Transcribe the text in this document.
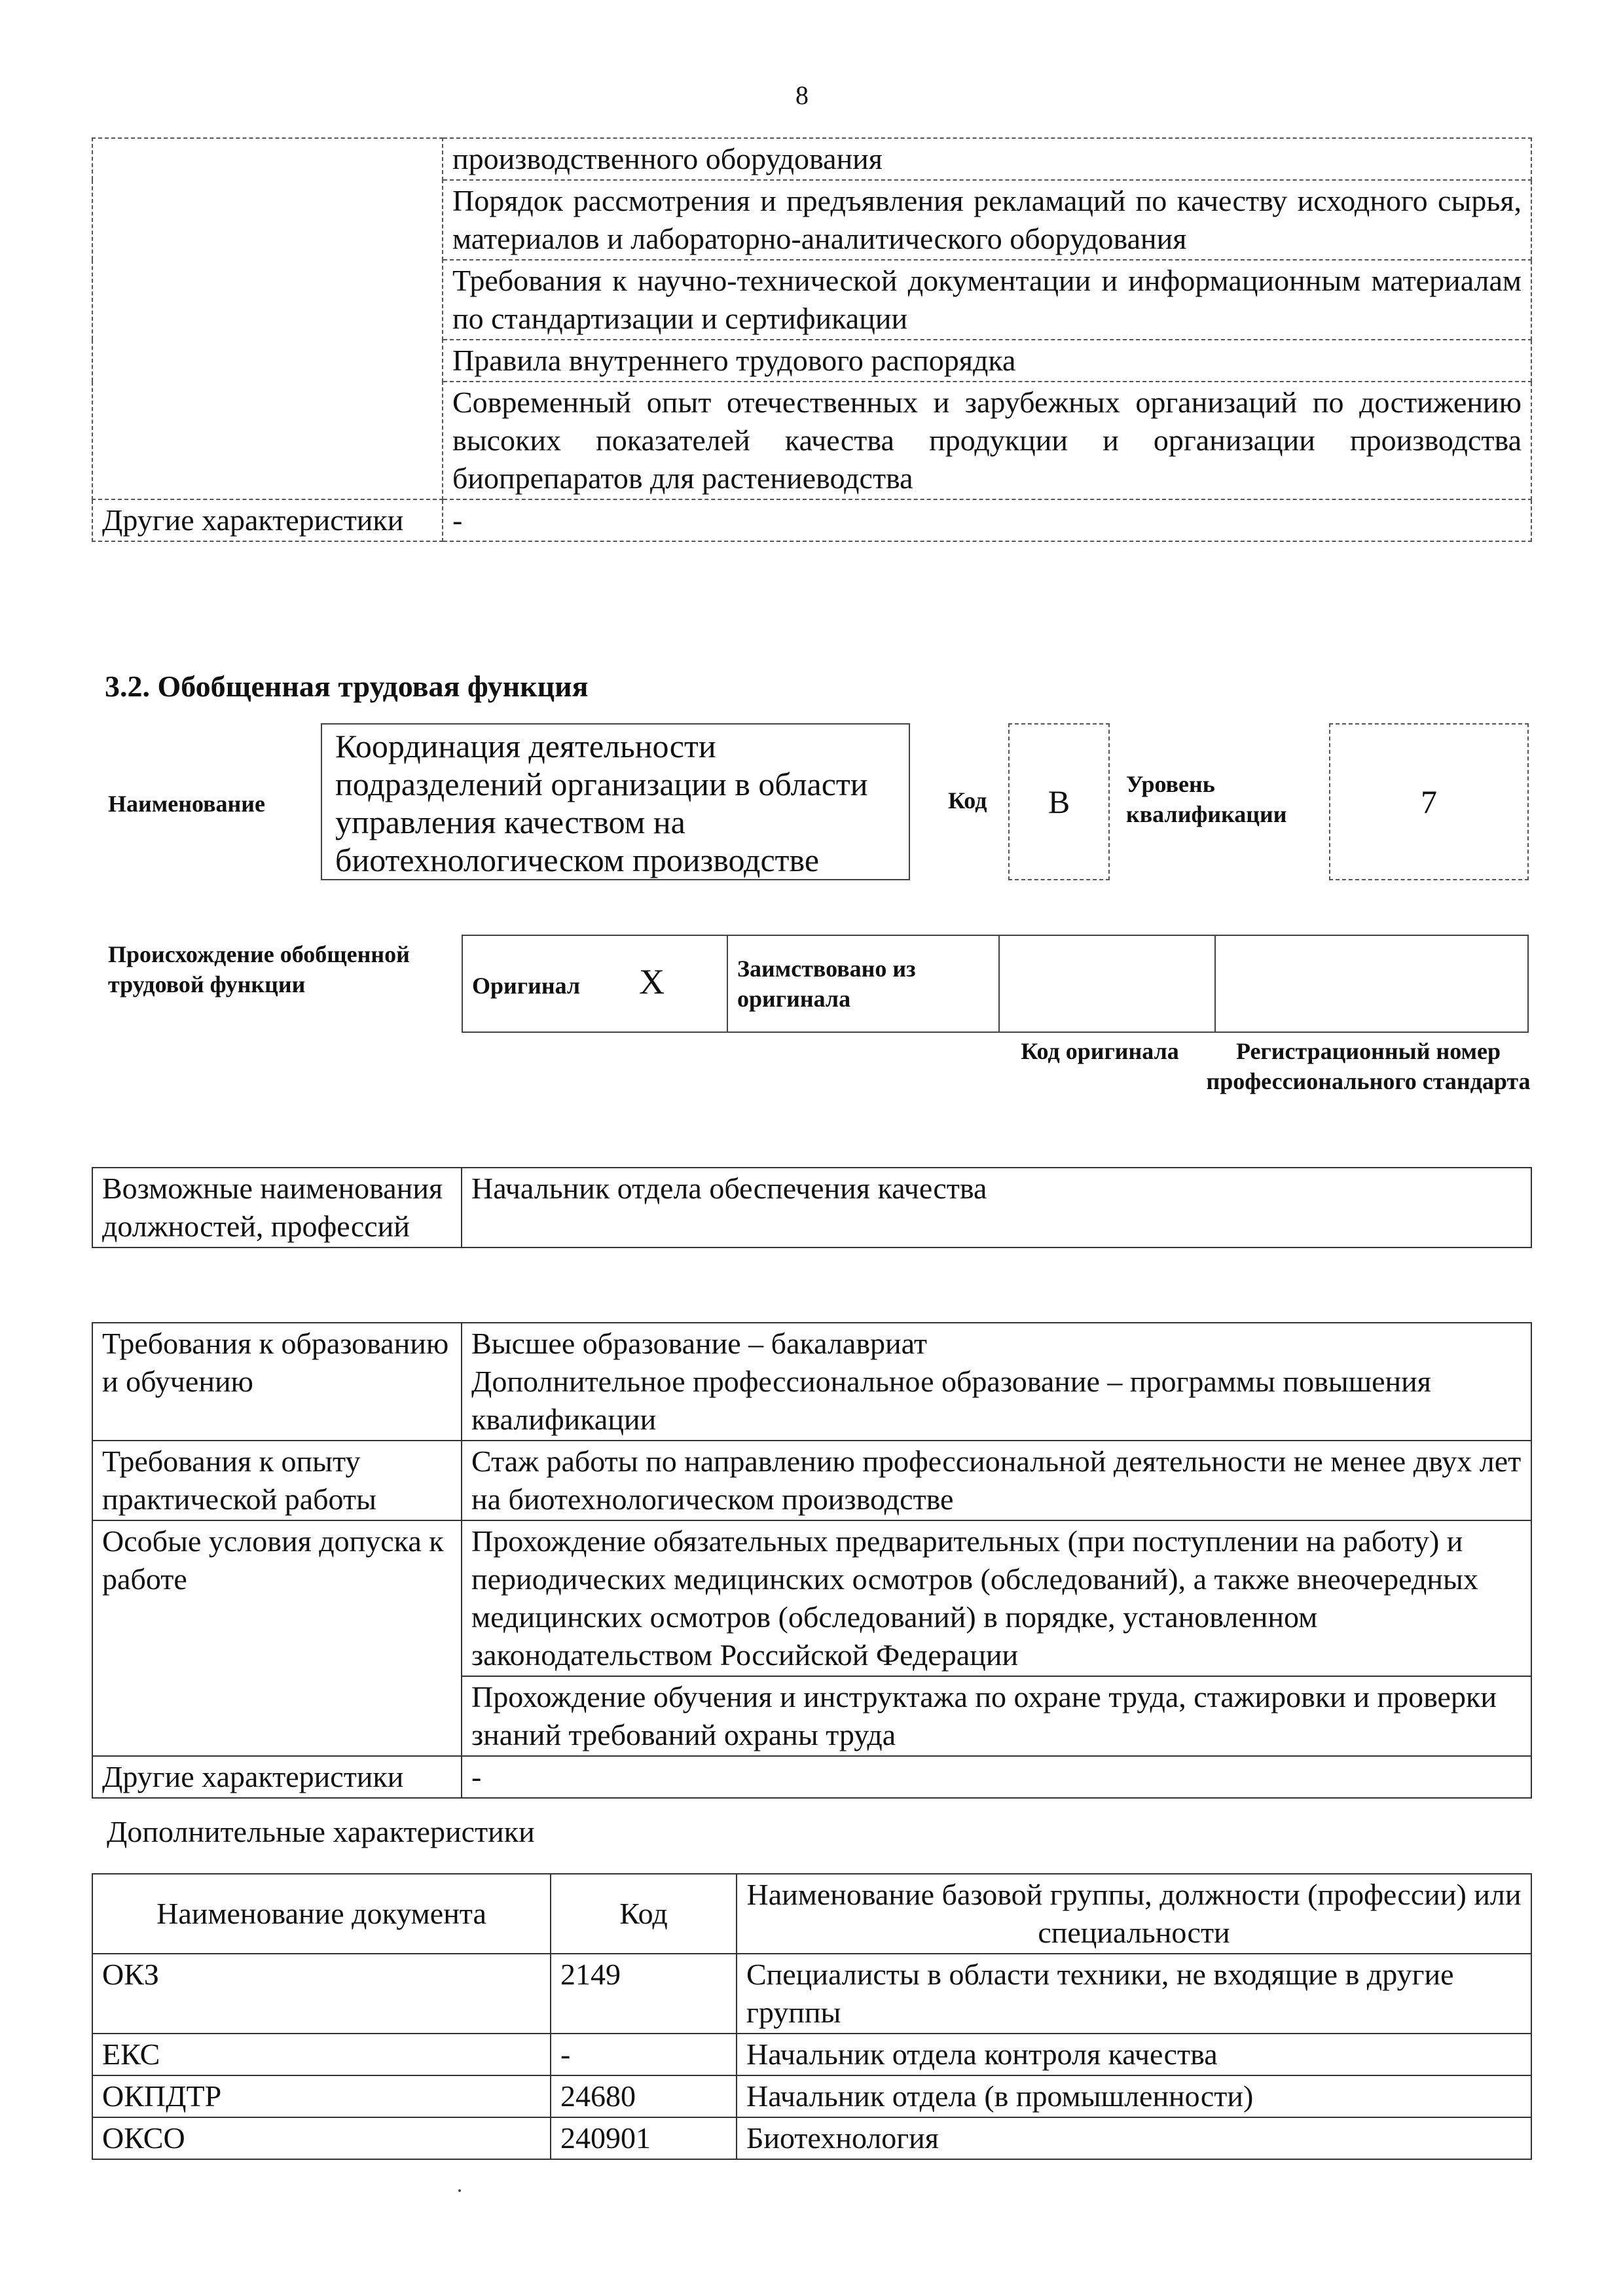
8
	производственного оборудования
	Порядок рассмотрения и предъявления рекламаций по качеству исходного сырья, материалов и лабораторно-аналитического оборудования
	Требования к научно-технической документации и информационным материалам по стандартизации и сертификации
	Правила внутреннего трудового распорядка
	Современный опыт отечественных и зарубежных организаций по достижению высоких показателей качества продукции и организации производства биопрепаратов для растениеводства
Другие характеристики	-
3.2. Обобщенная трудовая функция
Наименование
Координация деятельности подразделений организации в области управления качеством на биотехнологическом производстве
Код	B	Уровень квалификации	7
Происхождение обобщенной трудовой функции	Оригинал X	Заимствовано из оригинала		
Код оригинала	Регистрационный номер профессионального стандарта
Возможные наименования должностей, профессий	Начальник отдела обеспечения качества
Требования к образованию и обучению	Высшее образование – бакалавриат
Дополнительное профессиональное образование – программы повышения квалификации

Требования к опыту практической работы	Стаж работы по направлению профессиональной деятельности не менее двух лет на биотехнологическом производстве
Особые условия допуска к работе	Прохождение обязательных предварительных (при поступлении на работу) и периодических медицинских осмотров (обследований), а также внеочередных медицинских осмотров (обследований) в порядке, установленном законодательством Российской Федерации
	Прохождение обучения и инструктажа по охране труда, стажировки и проверки знаний требований охраны труда
Другие характеристики	-
Дополнительные характеристики
Наименование документа	Код	Наименование базовой группы, должности (профессии) или специальности
ОКЗ	2149	Специалисты в области техники, не входящие в другие группы
ЕКС	-	Начальник отдела контроля качества
ОКПДТР	24680	Начальник отдела (в промышленности)
ОКСО	240901	Биотехнология
